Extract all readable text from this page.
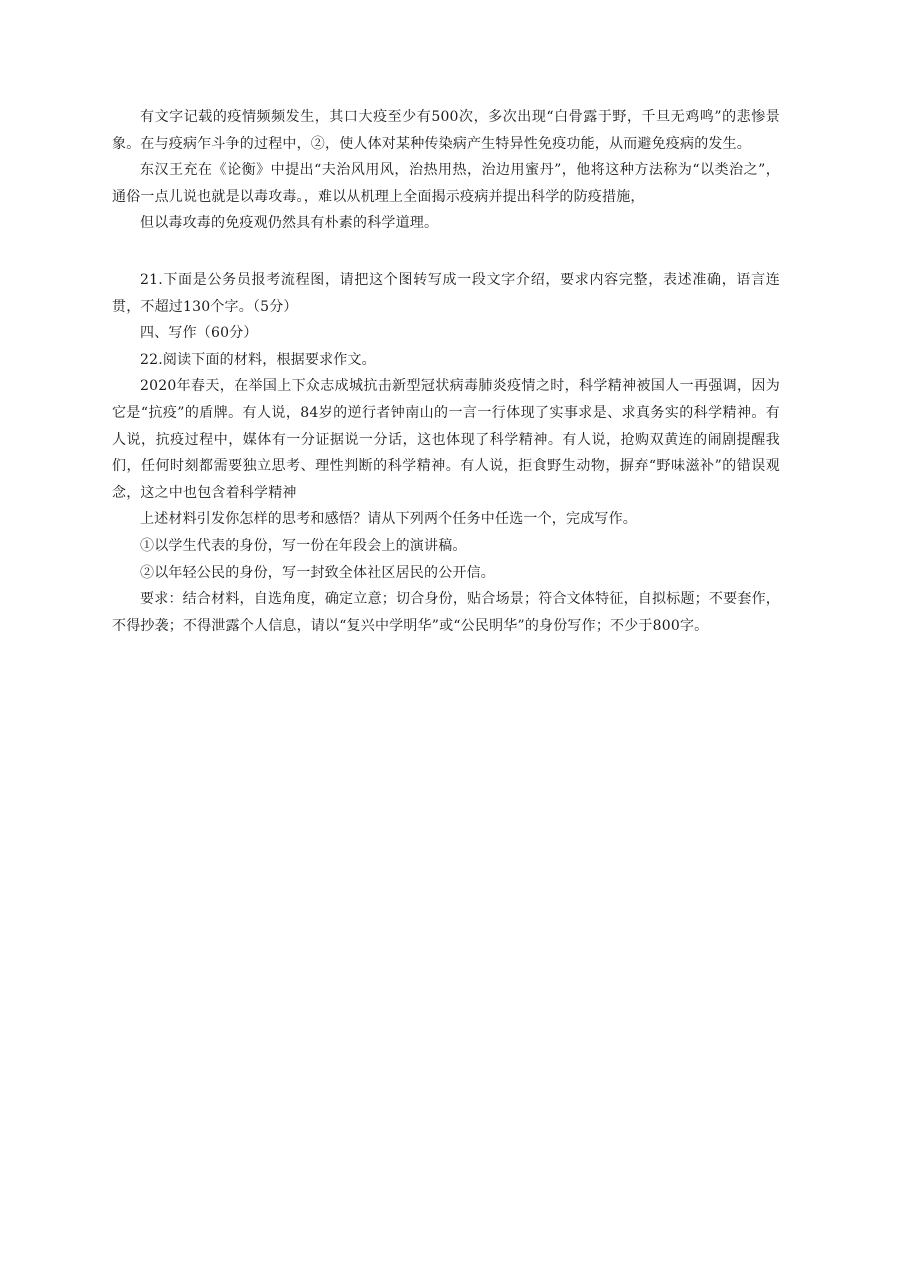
有文字记载的疫情频频发生，其口大疫至少有500次，多次出现“白骨露于野，千旦无鸡鸣”的悲惨景象。在与疫病乍斗争的过程中，②，使人体对某种传染病产生特异性免疫功能，从而避免疫病的发生。

东汉王充在《论衡》中提出“夫治风用风，治热用热，治边用蜜丹”，他将这种方法称为“以类治之”，通俗一点儿说也就是以毒攻毒。，难以从机理上全面揭示疫病并提出科学的防疫措施，

但以毒攻毒的免疫观仍然具有朴素的科学道理。

21.下面是公务员报考流程图，请把这个图转写成一段文字介绍，要求内容完整，表述准确，语言连贯，不超过130个字。（5分）

四、写作（60分）

22.阅读下面的材料，根据要求作文。

2020年春天，在举国上下众志成城抗击新型冠状病毒肺炎疫情之时，科学精神被国人一再强调，因为它是“抗疫”的盾牌。有人说，84岁的逆行者钟南山的一言一行体现了实事求是、求真务实的科学精神。有人说，抗疫过程中，媒体有一分证据说一分话，这也体现了科学精神。有人说，抢购双黄连的闹剧提醒我们，任何时刻都需要独立思考、理性判断的科学精神。有人说，拒食野生动物，摒弃“野味滋补”的错误观念，这之中也包含着科学精神

上述材料引发你怎样的思考和感悟？请从下列两个任务中任选一个，完成写作。

①以学生代表的身份，写一份在年段会上的演讲稿。

②以年轻公民的身份，写一封致全体社区居民的公开信。

要求：结合材料，自选角度，确定立意；切合身份，贴合场景；符合文体特征，自拟标题；不要套作，不得抄袭；不得泄露个人信息，请以“复兴中学明华”或“公民明华”的身份写作；不少于800字。
